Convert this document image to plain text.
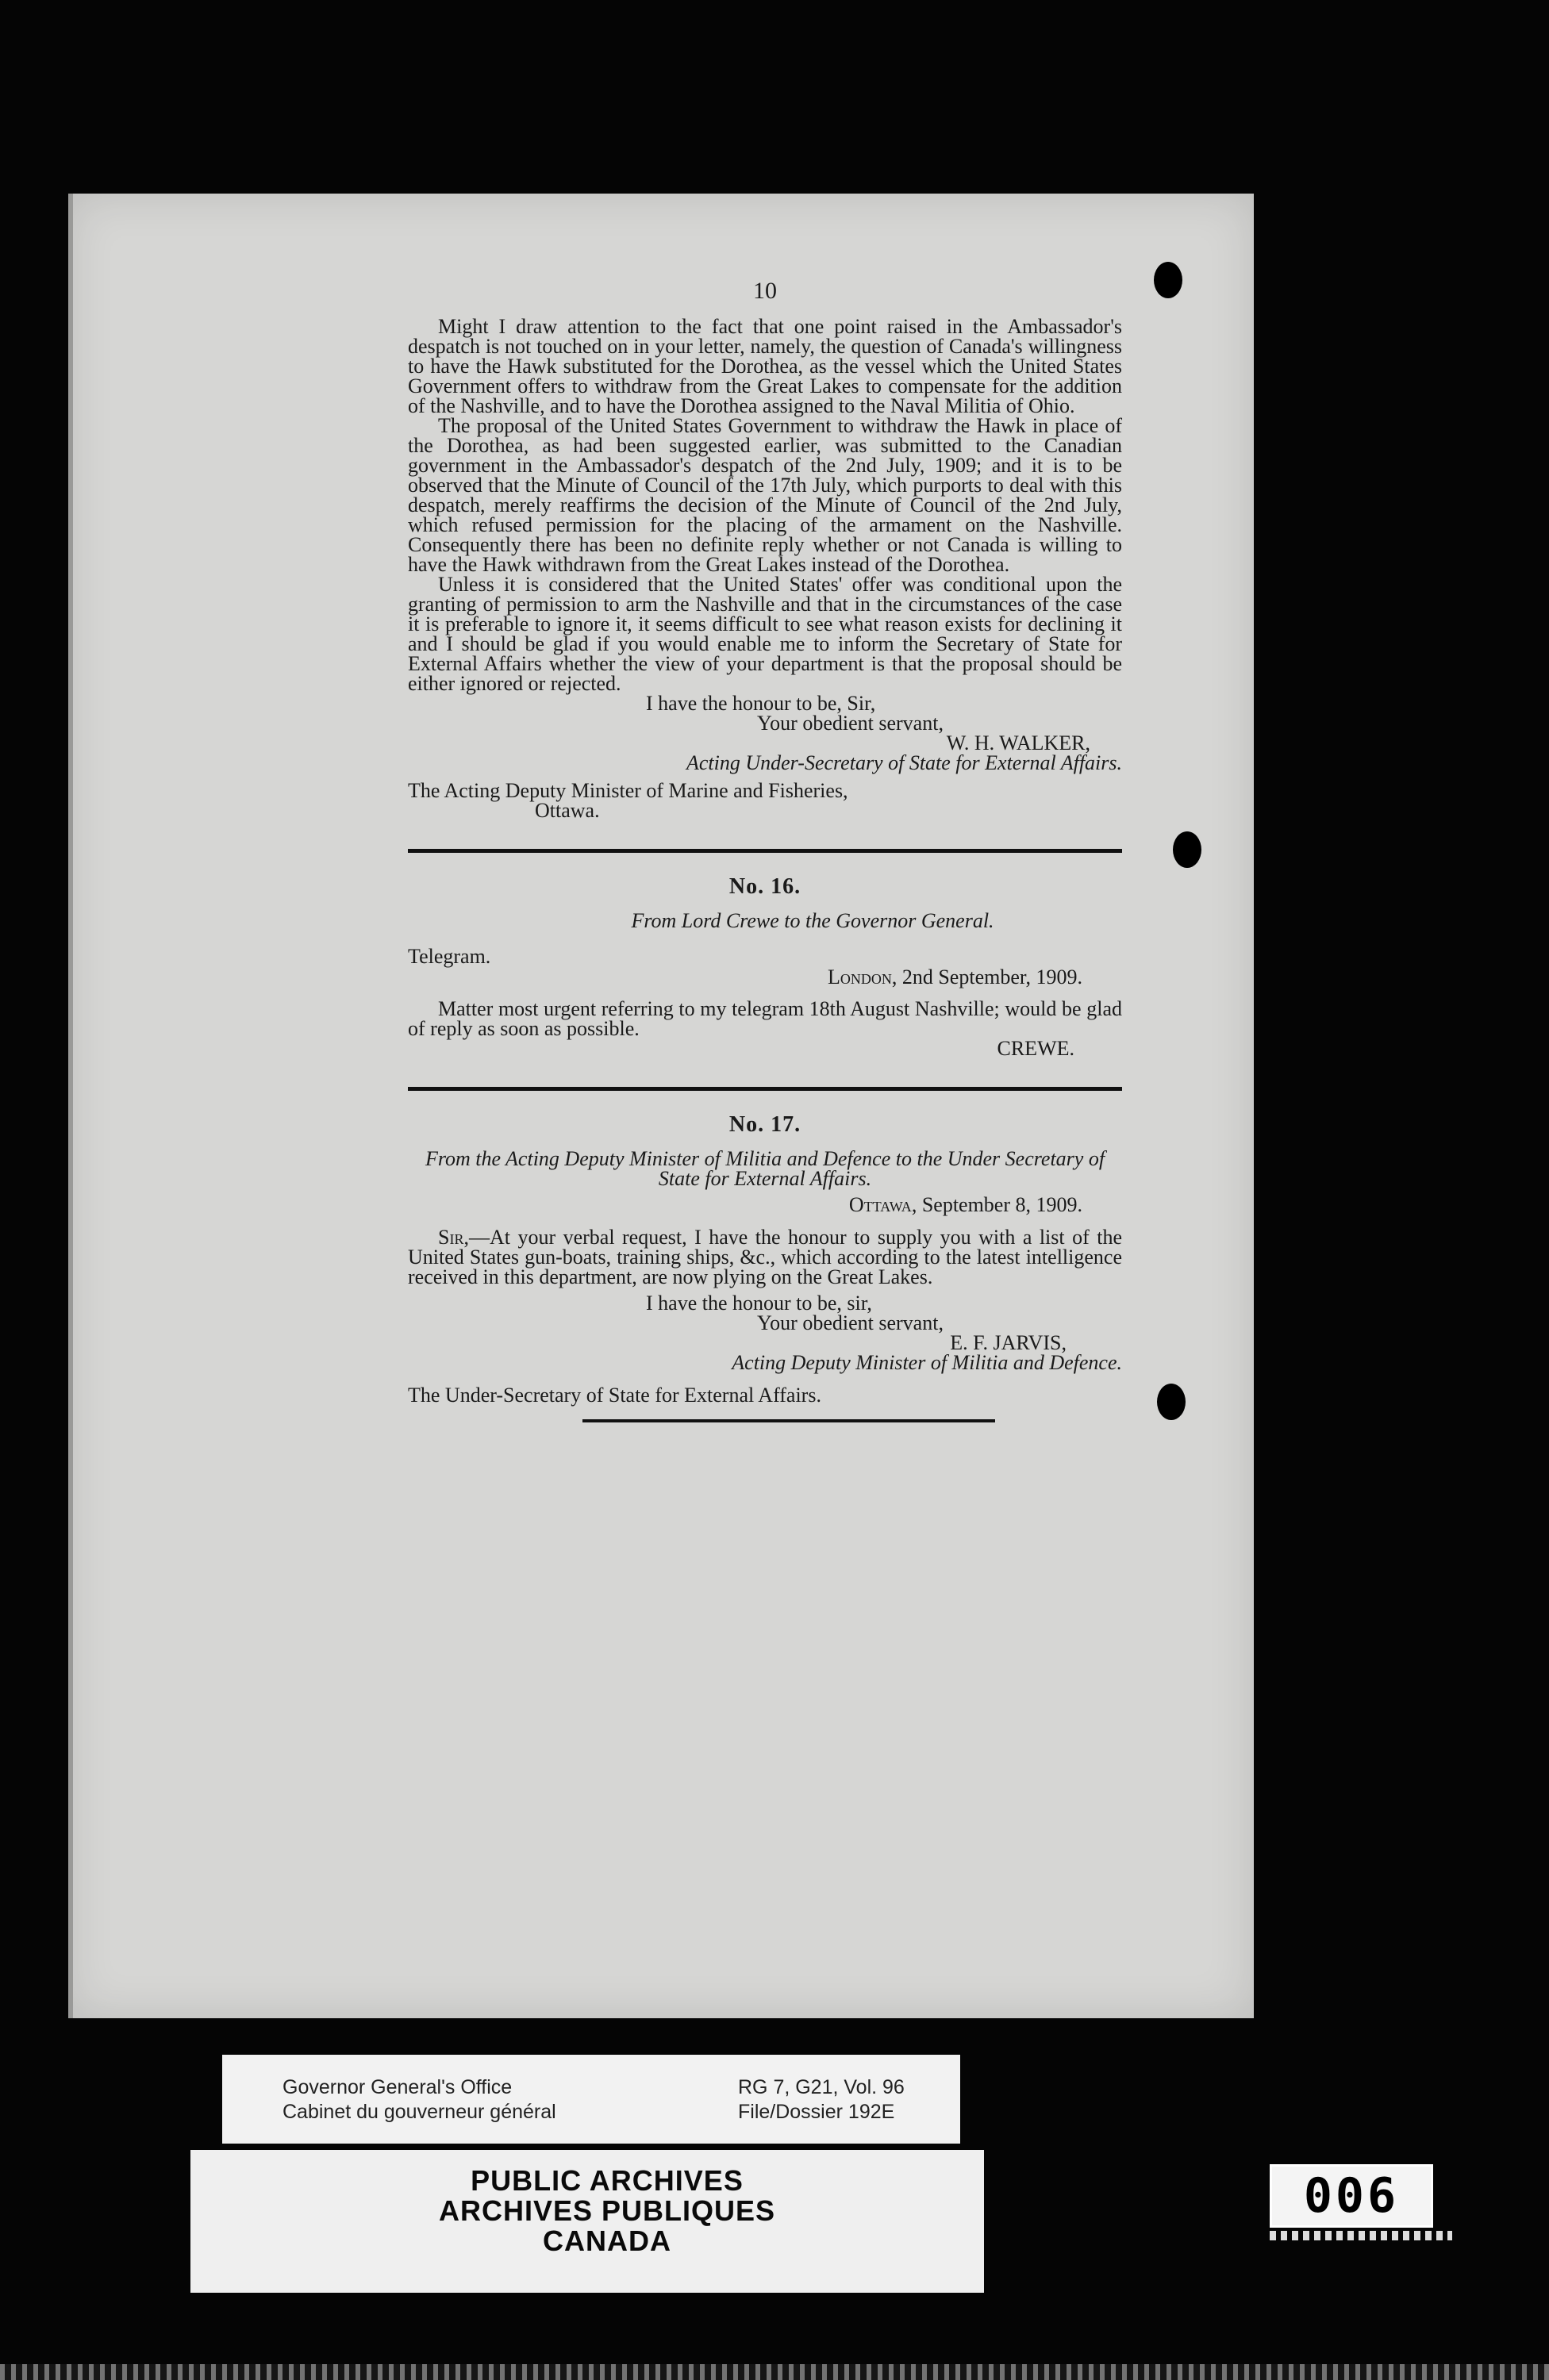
10

Might I draw attention to the fact that one point raised in the Ambassador's despatch is not touched on in your letter, namely, the question of Canada's willingness to have the Hawk substituted for the Dorothea, as the vessel which the United States Government offers to withdraw from the Great Lakes to compensate for the addition of the Nashville, and to have the Dorothea assigned to the Naval Militia of Ohio.

The proposal of the United States Government to withdraw the Hawk in place of the Dorothea, as had been suggested earlier, was submitted to the Canadian government in the Ambassador's despatch of the 2nd July, 1909; and it is to be observed that the Minute of Council of the 17th July, which purports to deal with this despatch, merely reaffirms the decision of the Minute of Council of the 2nd July, which refused permission for the placing of the armament on the Nashville. Consequently there has been no definite reply whether or not Canada is willing to have the Hawk withdrawn from the Great Lakes instead of the Dorothea.

Unless it is considered that the United States' offer was conditional upon the granting of permission to arm the Nashville and that in the circumstances of the case it is preferable to ignore it, it seems difficult to see what reason exists for declining it and I should be glad if you would enable me to inform the Secretary of State for External Affairs whether the view of your department is that the proposal should be either ignored or rejected.

I have the honour to be, Sir,

Your obedient servant,

W. H. WALKER,

Acting Under-Secretary of State for External Affairs.

The Acting Deputy Minister of Marine and Fisheries,

Ottawa.

No. 16.

From Lord Crewe to the Governor General.

Telegram.
London, 2nd September, 1909.

Matter most urgent referring to my telegram 18th August Nashville; would be glad of reply as soon as possible.

CREWE.

No. 17.

From the Acting Deputy Minister of Militia and Defence to the Under Secretary of State for External Affairs.

Ottawa, September 8, 1909.

Sir,—At your verbal request, I have the honour to supply you with a list of the United States gun-boats, training ships, &c., which according to the latest intelligence received in this department, are now plying on the Great Lakes.

I have the honour to be, sir,

Your obedient servant,

E. F. JARVIS,

Acting Deputy Minister of Militia and Defence.

The Under-Secretary of State for External Affairs.

Governor General's Office
Cabinet du gouverneur général
RG 7, G21, Vol. 96
File/Dossier 192E
PUBLIC ARCHIVES
ARCHIVES PUBLIQUES
CANADA
006
